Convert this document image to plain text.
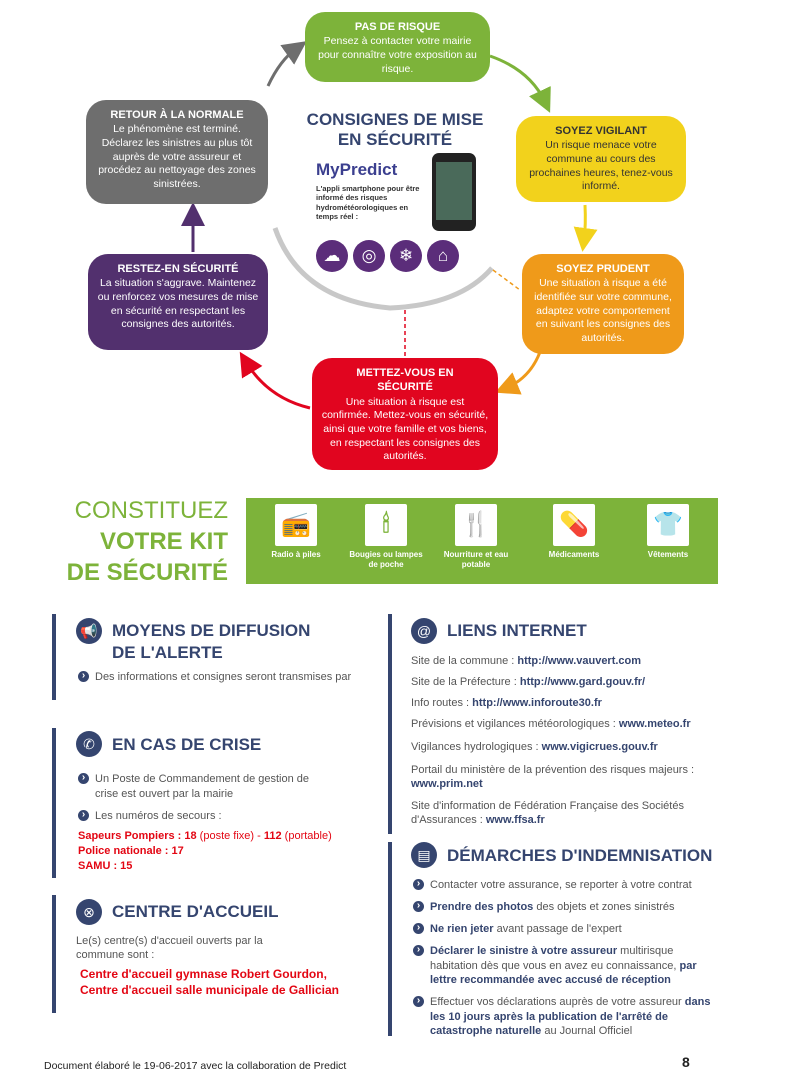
PAS DE RISQUE
Pensez à contacter votre mairie pour connaître votre exposition au risque.
SOYEZ VIGILANT
Un risque menace votre commune au cours des prochaines heures, tenez-vous informé.
SOYEZ PRUDENT
Une situation à risque a été identifiée sur votre commune, adaptez votre comportement en suivant les consignes des autorités.
METTEZ-VOUS EN SÉCURITÉ
Une situation à risque est confirmée. Mettez-vous en sécurité, ainsi que votre famille et vos biens, en respectant les consignes des autorités.
RESTEZ-EN SÉCURITÉ
La situation s'aggrave. Maintenez ou renforcez vos mesures de mise en sécurité en respectant les consignes des autorités.
RETOUR À LA NORMALE
Le phénomène est terminé. Déclarez les sinistres au plus tôt auprès de votre assureur et procédez au nettoyage des zones sinistrées.
CONSIGNES DE MISE EN SÉCURITÉ
MyPredict
L'appli smartphone pour être informé des risques hydrométéorologiques en temps réel :
☁	◎	❄	⌂
CONSTITUEZ
VOTRE KIT
DE SÉCURITÉ
📻
Radio à piles
🕯
Bougies ou lampes de poche
🍴
Nourriture et eau potable
💊
Médicaments
👕
Vêtements
📢 MOYENS DE DIFFUSION DE L'ALERTE
› Des informations et consignes seront transmises par
✆	EN CAS DE CRISE
› Un Poste de Commandement de gestion de crise est ouvert par la mairie
› Les numéros de secours :
Sapeurs Pompiers : 18 (poste fixe) - 112 (portable)
Police nationale : 17
SAMU : 15
⊗	CENTRE D'ACCUEIL
Le(s) centre(s) d'accueil ouverts par la commune sont :
Centre d'accueil gymnase Robert Gourdon,
Centre d'accueil salle municipale de Gallician
@ LIENS INTERNET
Site de la commune : http://www.vauvert.com
Site de la Préfecture : http://www.gard.gouv.fr/
Info routes : http://www.inforoute30.fr
Prévisions et vigilances météorologiques : www.meteo.fr
Vigilances hydrologiques : www.vigicrues.gouv.fr
Portail du ministère de la prévention des risques majeurs : www.prim.net
Site d'information de Fédération Française des Sociétés d'Assurances : www.ffsa.fr
▤ DÉMARCHES D'INDEMNISATION
› Contacter votre assurance, se reporter à votre contrat
› Prendre des photos des objets et zones sinistrés
› Ne rien jeter avant passage de l'expert
› Déclarer le sinistre à votre assureur multirisque habitation dès que vous en avez eu connaissance, par lettre recommandée avec accusé de réception
› Effectuer vos déclarations auprès de votre assureur dans les 10 jours après la publication de l'arrêté de catastrophe naturelle au Journal Officiel
Document élaboré le 19-06-2017 avec la collaboration de Predict	8
